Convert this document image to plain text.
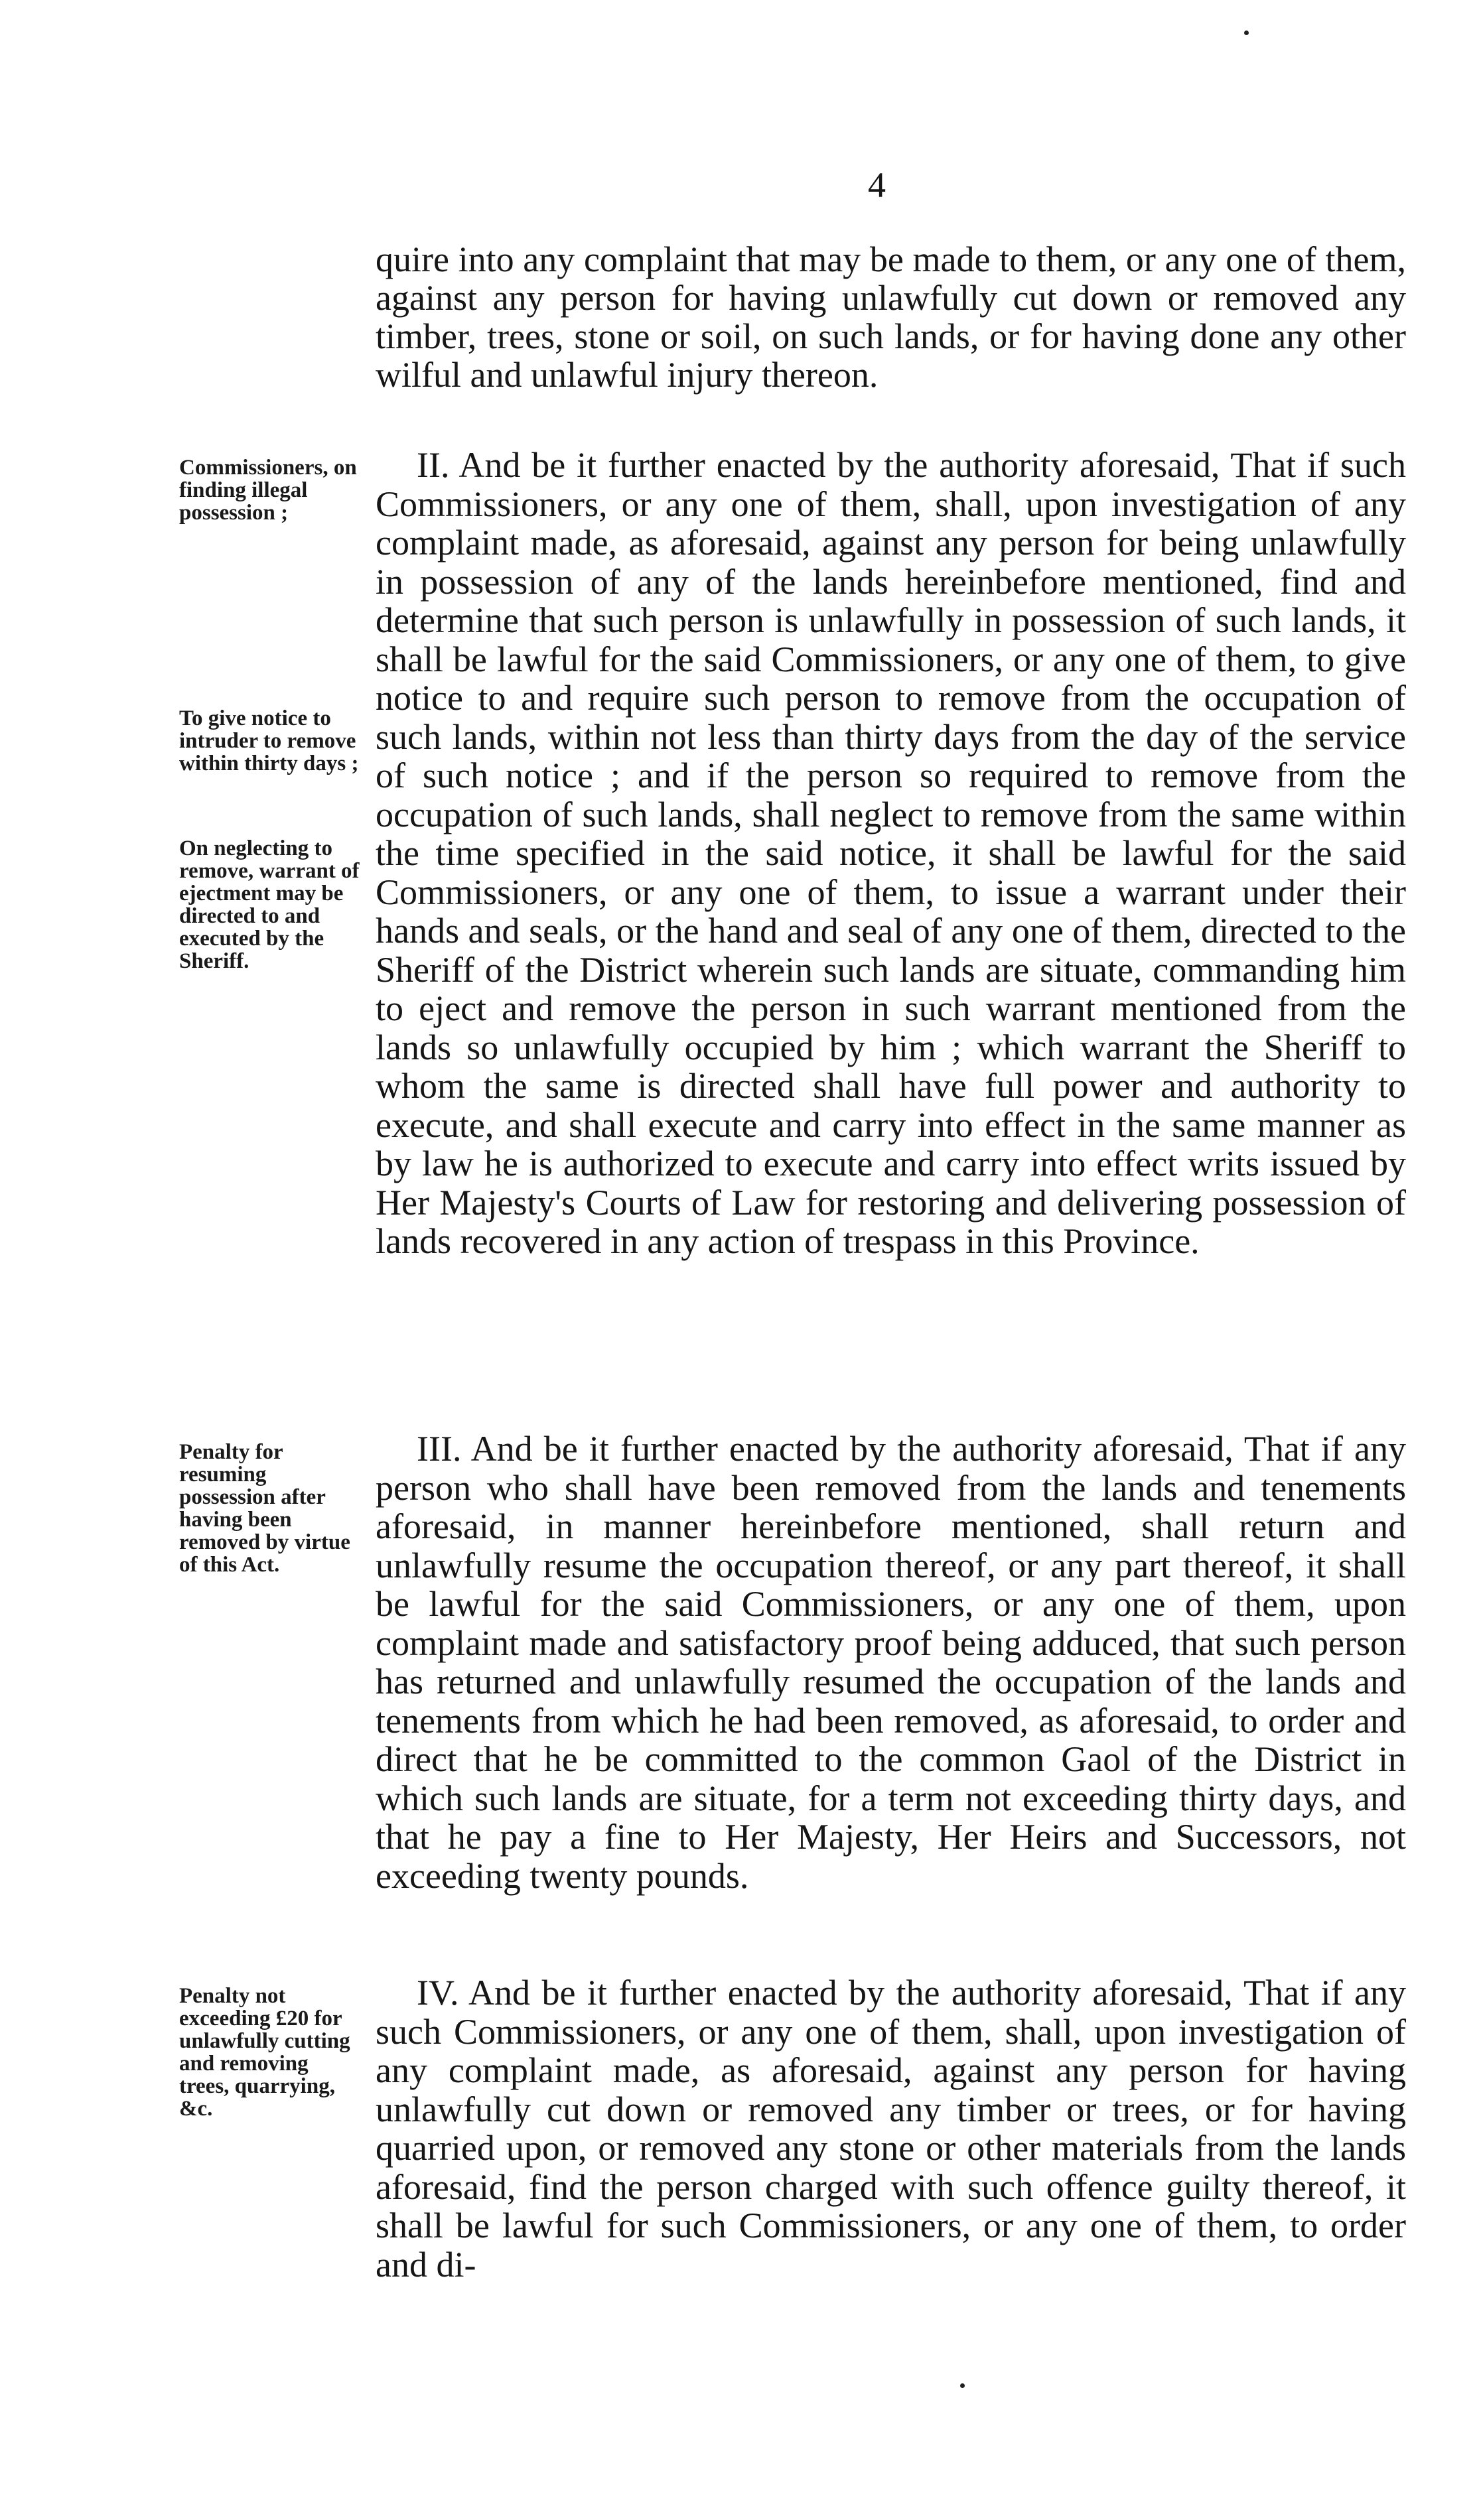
4
quire into any complaint that may be made to them, or any one of them, against any person for having unlawfully cut down or removed any timber, trees, stone or soil, on such lands, or for having done any other wilful and unlawful injury thereon.
II. And be it further enacted by the authority aforesaid, That if such Commissioners, or any one of them, shall, upon investigation of any complaint made, as aforesaid, against any person for being unlawfully in possession of any of the lands hereinbefore mentioned, find and determine that such person is unlawfully in possession of such lands, it shall be lawful for the said Commissioners, or any one of them, to give notice to and require such person to remove from the occupation of such lands, within not less than thirty days from the day of the service of such notice ; and if the person so required to remove from the occupation of such lands, shall neglect to remove from the same within the time specified in the said notice, it shall be lawful for the said Commissioners, or any one of them, to issue a warrant under their hands and seals, or the hand and seal of any one of them, directed to the Sheriff of the District wherein such lands are situate, commanding him to eject and remove the person in such warrant mentioned from the lands so unlawfully occupied by him ; which warrant the Sheriff to whom the same is directed shall have full power and authority to execute, and shall execute and carry into effect in the same manner as by law he is authorized to execute and carry into effect writs issued by Her Majesty's Courts of Law for restoring and delivering possession of lands recovered in any action of trespass in this Province.
Commissioners, on finding illegal possession ;
To give notice to intruder to remove within thirty days ;
On neglecting to remove, warrant of ejectment may be directed to and executed by the Sheriff.
III. And be it further enacted by the authority aforesaid, That if any person who shall have been removed from the lands and tenements aforesaid, in manner hereinbefore mentioned, shall return and unlawfully resume the occupation thereof, or any part thereof, it shall be lawful for the said Commissioners, or any one of them, upon complaint made and satisfactory proof being adduced, that such person has returned and unlawfully resumed the occupation of the lands and tenements from which he had been removed, as aforesaid, to order and direct that he be committed to the common Gaol of the District in which such lands are situate, for a term not exceeding thirty days, and that he pay a fine to Her Majesty, Her Heirs and Successors, not exceeding twenty pounds.
Penalty for resuming possession after having been removed by virtue of this Act.
IV. And be it further enacted by the authority aforesaid, That if any such Commissioners, or any one of them, shall, upon investigation of any complaint made, as aforesaid, against any person for having unlawfully cut down or removed any timber or trees, or for having quarried upon, or removed any stone or other materials from the lands aforesaid, find the person charged with such offence guilty thereof, it shall be lawful for such Commissioners, or any one of them, to order and di-
Penalty not exceeding £20 for unlawfully cutting and removing trees, quarrying, &c.
